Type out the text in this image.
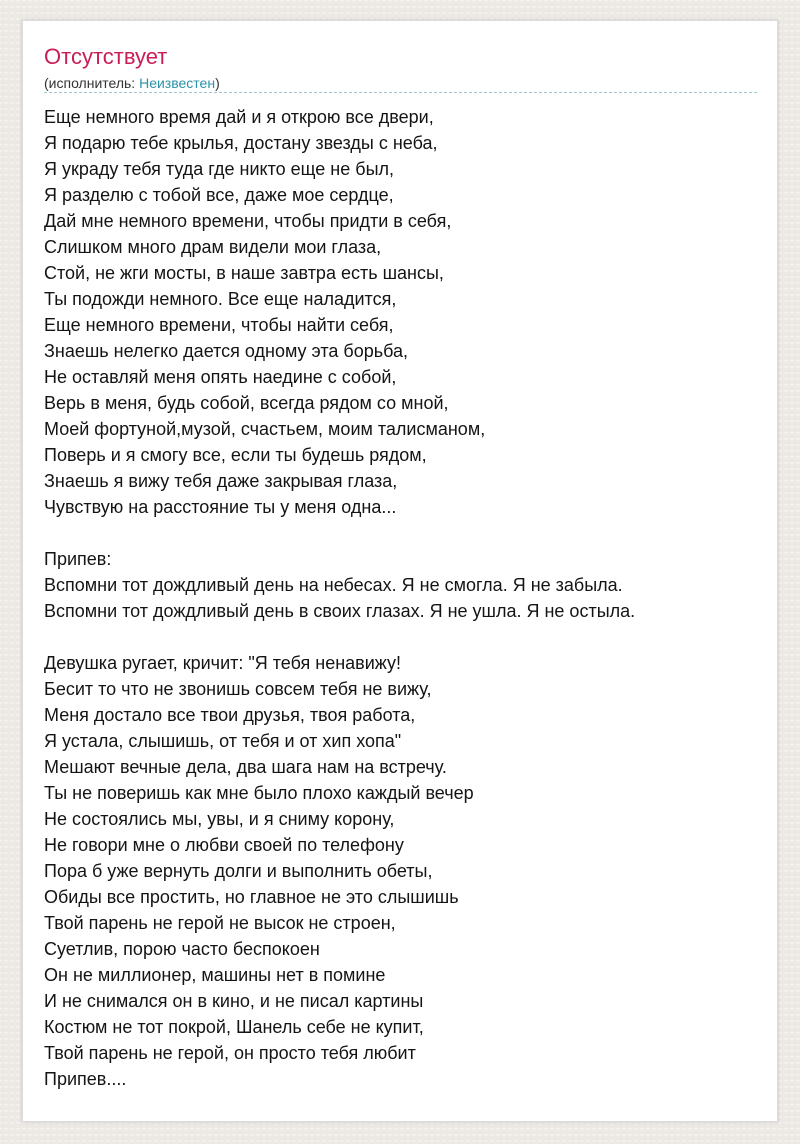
Отсутствует
(исполнитель: Неизвестен)
Еще немного время дай и я открою все двери,
Я подарю тебе крылья, достану звезды с неба,
Я украду тебя туда где никто еще не был,
Я разделю с тобой все, даже мое сердце,
Дай мне немного времени, чтобы придти в себя,
Слишком много драм видели мои глаза,
Стой, не жги мосты, в наше завтра есть шансы,
Ты подожди немного. Все еще наладится,
Еще немного времени, чтобы найти себя,
Знаешь нелегко дается одному эта борьба,
Не оставляй меня опять наедине с собой,
Верь в меня, будь собой, всегда рядом со мной,
Моей фортуной,музой, счастьем, моим талисманом,
Поверь и я смогу все, если ты будешь рядом,
Знаешь я вижу тебя даже закрывая глаза,
Чувствую на расстояние ты у меня одна...
Припев:
Вспомни тот дождливый день на небесах. Я не смогла. Я не забыла.
Вспомни тот дождливый день в своих глазах. Я не ушла. Я не остыла.
Девушка ругает, кричит: "Я тебя ненавижу!
Бесит то что не звонишь совсем тебя не вижу,
Меня достало все твои друзья, твоя работа,
Я устала, слышишь, от тебя и от хип хопа"
Мешают вечные дела, два шага нам на встречу.
Ты не поверишь как мне было плохо каждый вечер
Не состоялись мы, увы, и я сниму корону,
Не говори мне о любви своей по телефону
Пора б уже вернуть долги и выполнить обеты,
Обиды все простить, но главное не это слышишь
Твой парень не герой не высок не строен,
Суетлив, порою часто беспокоен
Он не миллионер, машины нет в помине
И не снимался он в кино, и не писал картины
Костюм не тот покрой, Шанель себе не купит,
Твой парень не герой, он просто тебя любит
Припев....
